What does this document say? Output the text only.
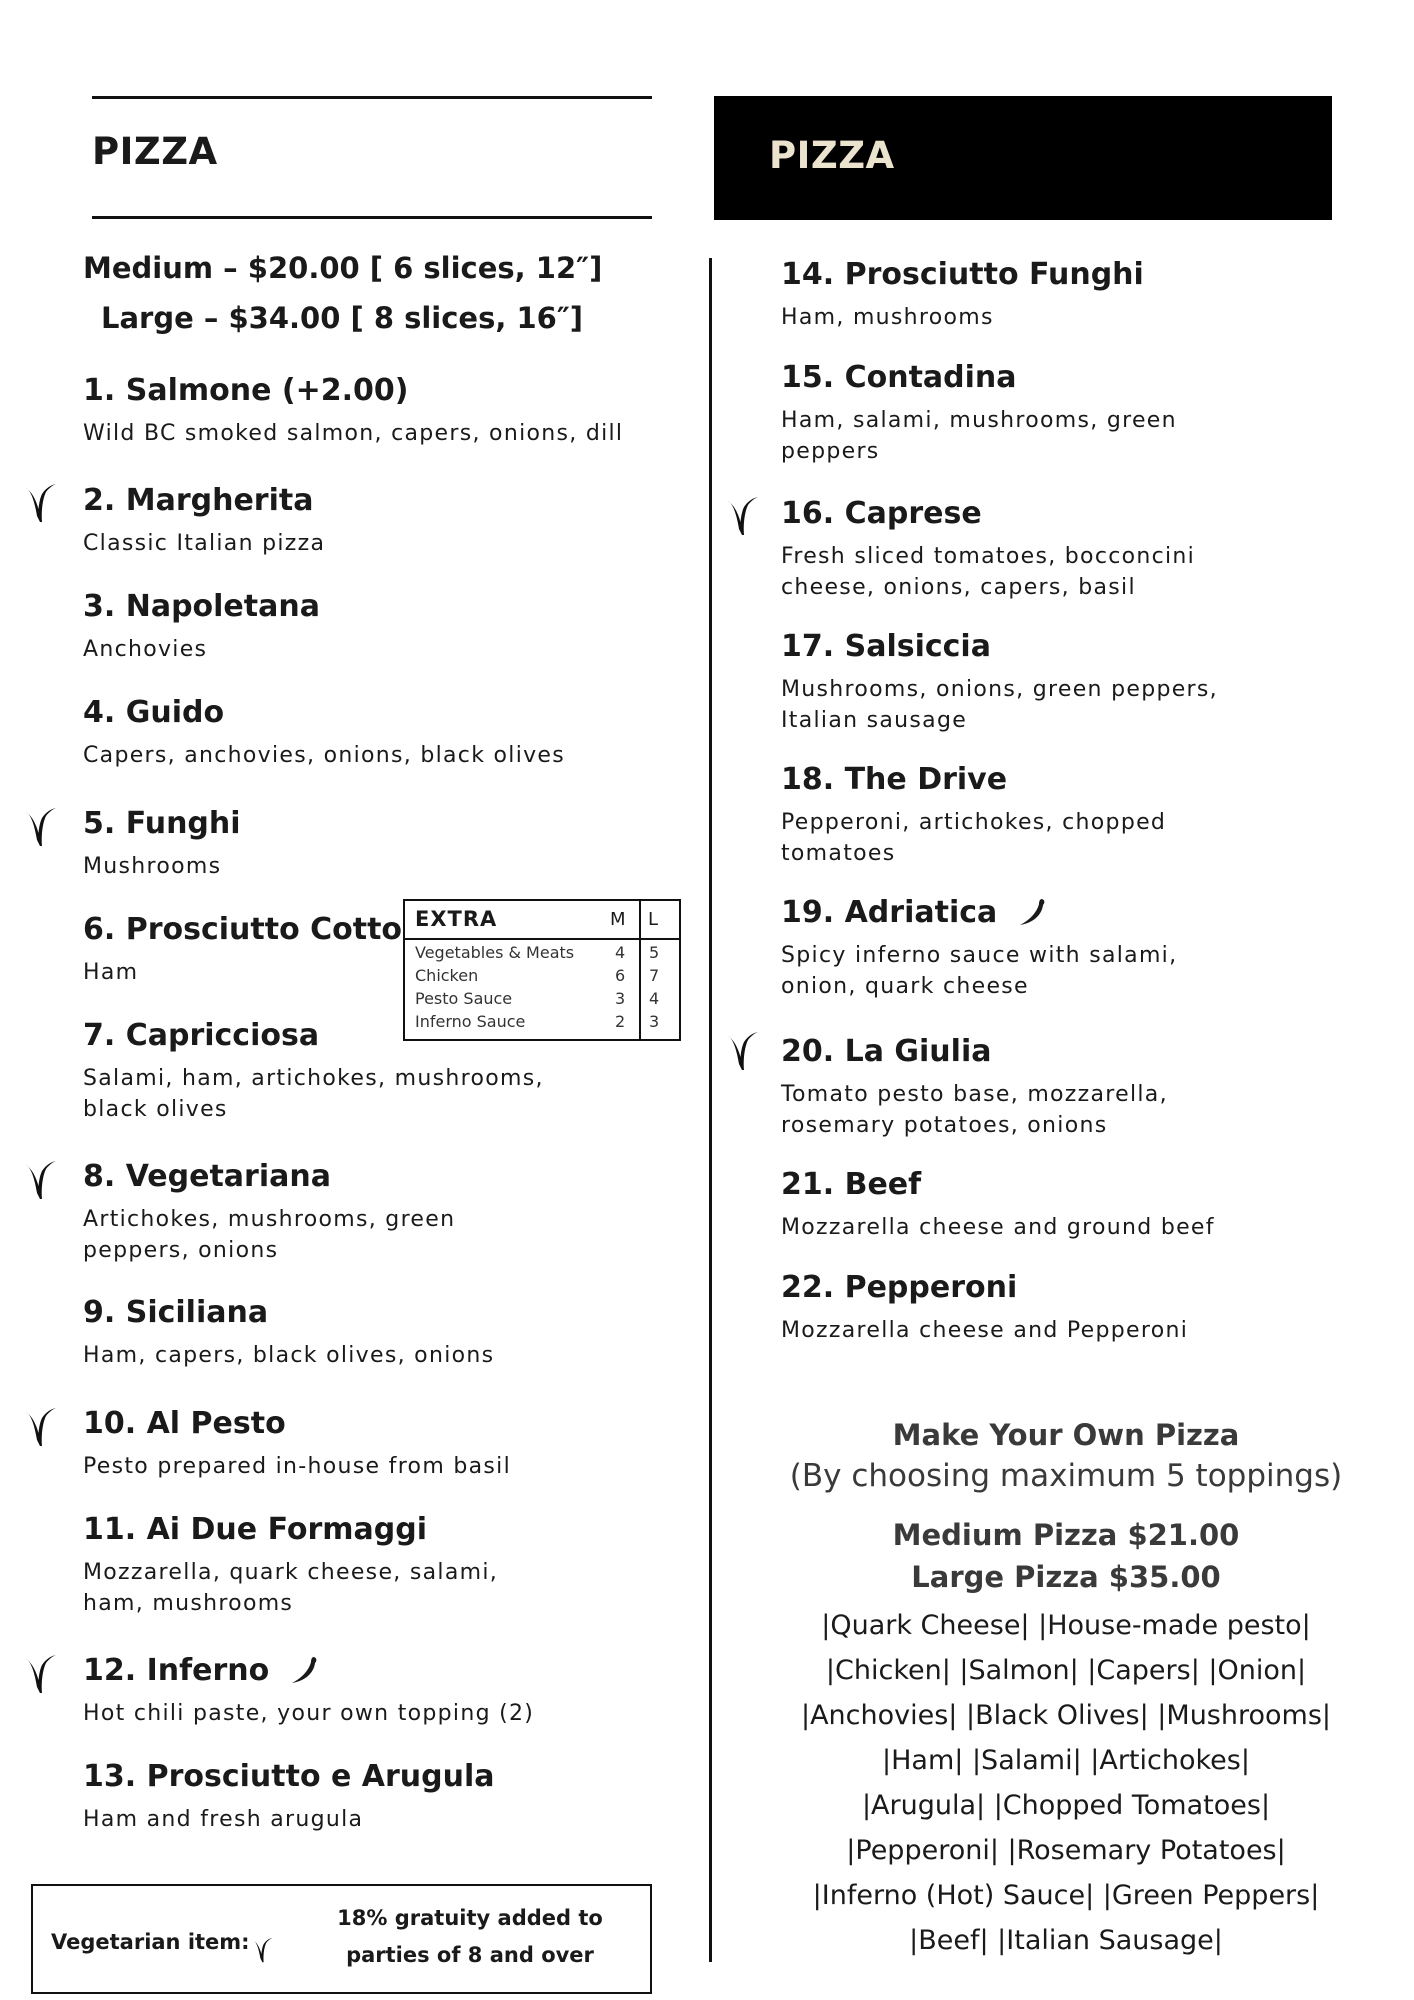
PIZZA	PIZZA
Medium – $20.00 [ 6 slices, 12″]
Large – $34.00 [ 8 slices, 16″]
1. Salmone (+2.00)
Wild BC smoked salmon, capers, onions, dill
2. Margherita
Classic Italian pizza
3. Napoletana
Anchovies
4. Guido
Capers, anchovies, onions, black olives
5. Funghi
Mushrooms
6. Prosciutto Cotto
Ham
7. Capricciosa
Salami, ham, artichokes, mushrooms, black olives
8. Vegetariana
Artichokes, mushrooms, green peppers, onions
9. Siciliana
Ham, capers, black olives, onions
10. Al Pesto
Pesto prepared in-house from basil
11. Ai Due Formaggi
Mozzarella, quark cheese, salami, ham, mushrooms
12. Inferno
Hot chili paste, your own topping (2)
13. Prosciutto e Arugula
Ham and fresh arugula
EXTRA	M L
Vegetables & Meats	4 5
Chicken	6 7
Pesto Sauce	3 4
Inferno Sauce	2 3
Vegetarian item:
18% gratuity added to parties of 8 and over
14. Prosciutto Funghi
Ham, mushrooms
15. Contadina
Ham, salami, mushrooms, green peppers
16. Caprese
Fresh sliced tomatoes, bocconcini cheese, onions, capers, basil
17. Salsiccia
Mushrooms, onions, green peppers, Italian sausage
18. The Drive
Pepperoni, artichokes, chopped tomatoes
19. Adriatica
Spicy inferno sauce with salami, onion, quark cheese
20. La Giulia
Tomato pesto base, mozzarella, rosemary potatoes, onions
21. Beef
Mozzarella cheese and ground beef
22. Pepperoni
Mozzarella cheese and Pepperoni
Make Your Own Pizza
(By choosing maximum 5 toppings)
Medium Pizza $21.00
Large Pizza $35.00
|Quark Cheese| |House-made pesto|
|Chicken| |Salmon| |Capers| |Onion|
|Anchovies| |Black Olives| |Mushrooms|
|Ham| |Salami| |Artichokes|
|Arugula| |Chopped Tomatoes|
|Pepperoni| |Rosemary Potatoes|
|Inferno (Hot) Sauce| |Green Peppers|
|Beef| |Italian Sausage|
